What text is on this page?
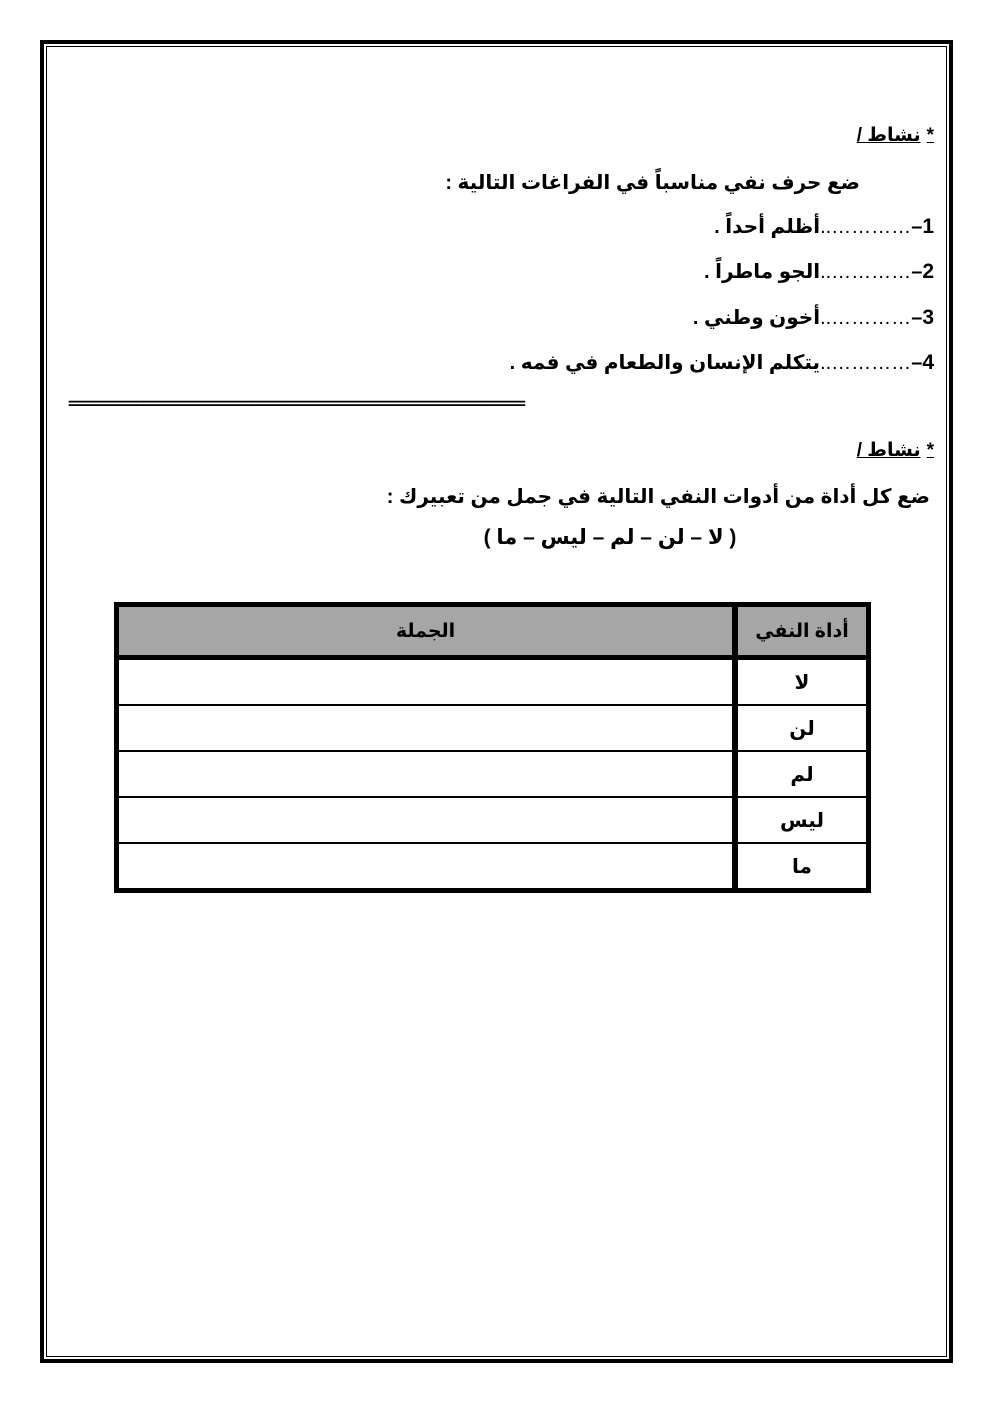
*نشاط /
ضع حرف نفي مناسباً في الفراغات التالية :
1–…………..أظلم أحداً .
2–…………..الجو ماطراً .
3–…………..أخون وطني .
4–…………..يتكلم الإنسان والطعام في فمه .
=============================================================
*نشاط /
ضع كل أداة من أدوات النفي التالية في جمل من تعبيرك :
( لا – لن – لم – ليس – ما )
أداة النفي	الجملة
لا	
لن	
لم	
ليس	
ما	
